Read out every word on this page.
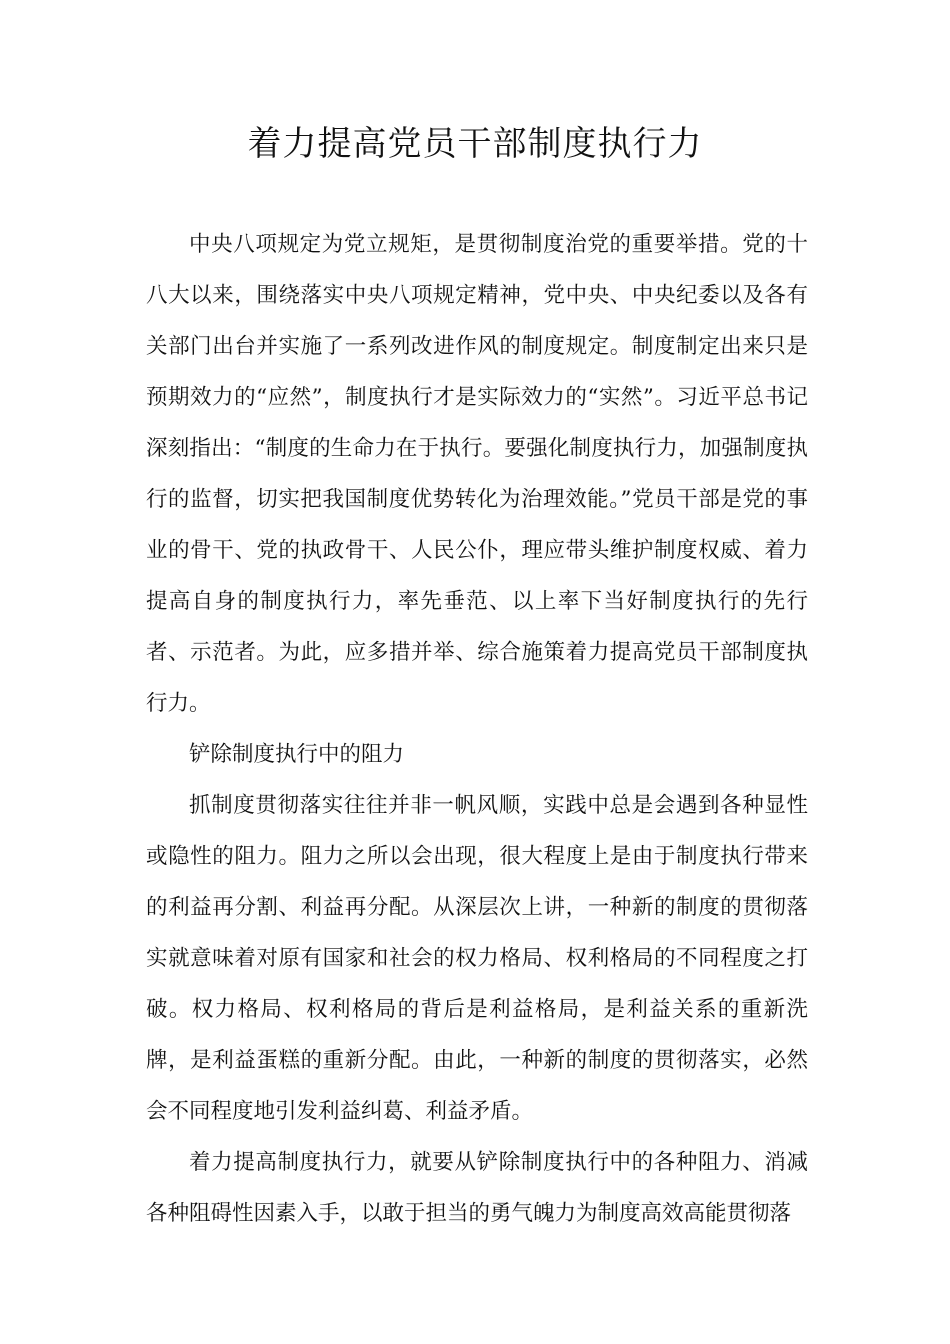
着力提高党员干部制度执行力

中央八项规定为党立规矩，是贯彻制度治党的重要举措。党的十八大以来，围绕落实中央八项规定精神，党中央、中央纪委以及各有关部门出台并实施了一系列改进作风的制度规定。制度制定出来只是预期效力的“应然”，制度执行才是实际效力的“实然”。习近平总书记深刻指出：“制度的生命力在于执行。要强化制度执行力，加强制度执行的监督，切实把我国制度优势转化为治理效能。”党员干部是党的事业的骨干、党的执政骨干、人民公仆，理应带头维护制度权威、着力提高自身的制度执行力，率先垂范、以上率下当好制度执行的先行者、示范者。为此，应多措并举、综合施策着力提高党员干部制度执行力。

铲除制度执行中的阻力

抓制度贯彻落实往往并非一帆风顺，实践中总是会遇到各种显性或隐性的阻力。阻力之所以会出现，很大程度上是由于制度执行带来的利益再分割、利益再分配。从深层次上讲，一种新的制度的贯彻落实就意味着对原有国家和社会的权力格局、权利格局的不同程度之打破。权力格局、权利格局的背后是利益格局，是利益关系的重新洗牌，是利益蛋糕的重新分配。由此，一种新的制度的贯彻落实，必然会不同程度地引发利益纠葛、利益矛盾。

着力提高制度执行力，就要从铲除制度执行中的各种阻力、消减各种阻碍性因素入手，以敢于担当的勇气魄力为制度高效高能贯彻落
